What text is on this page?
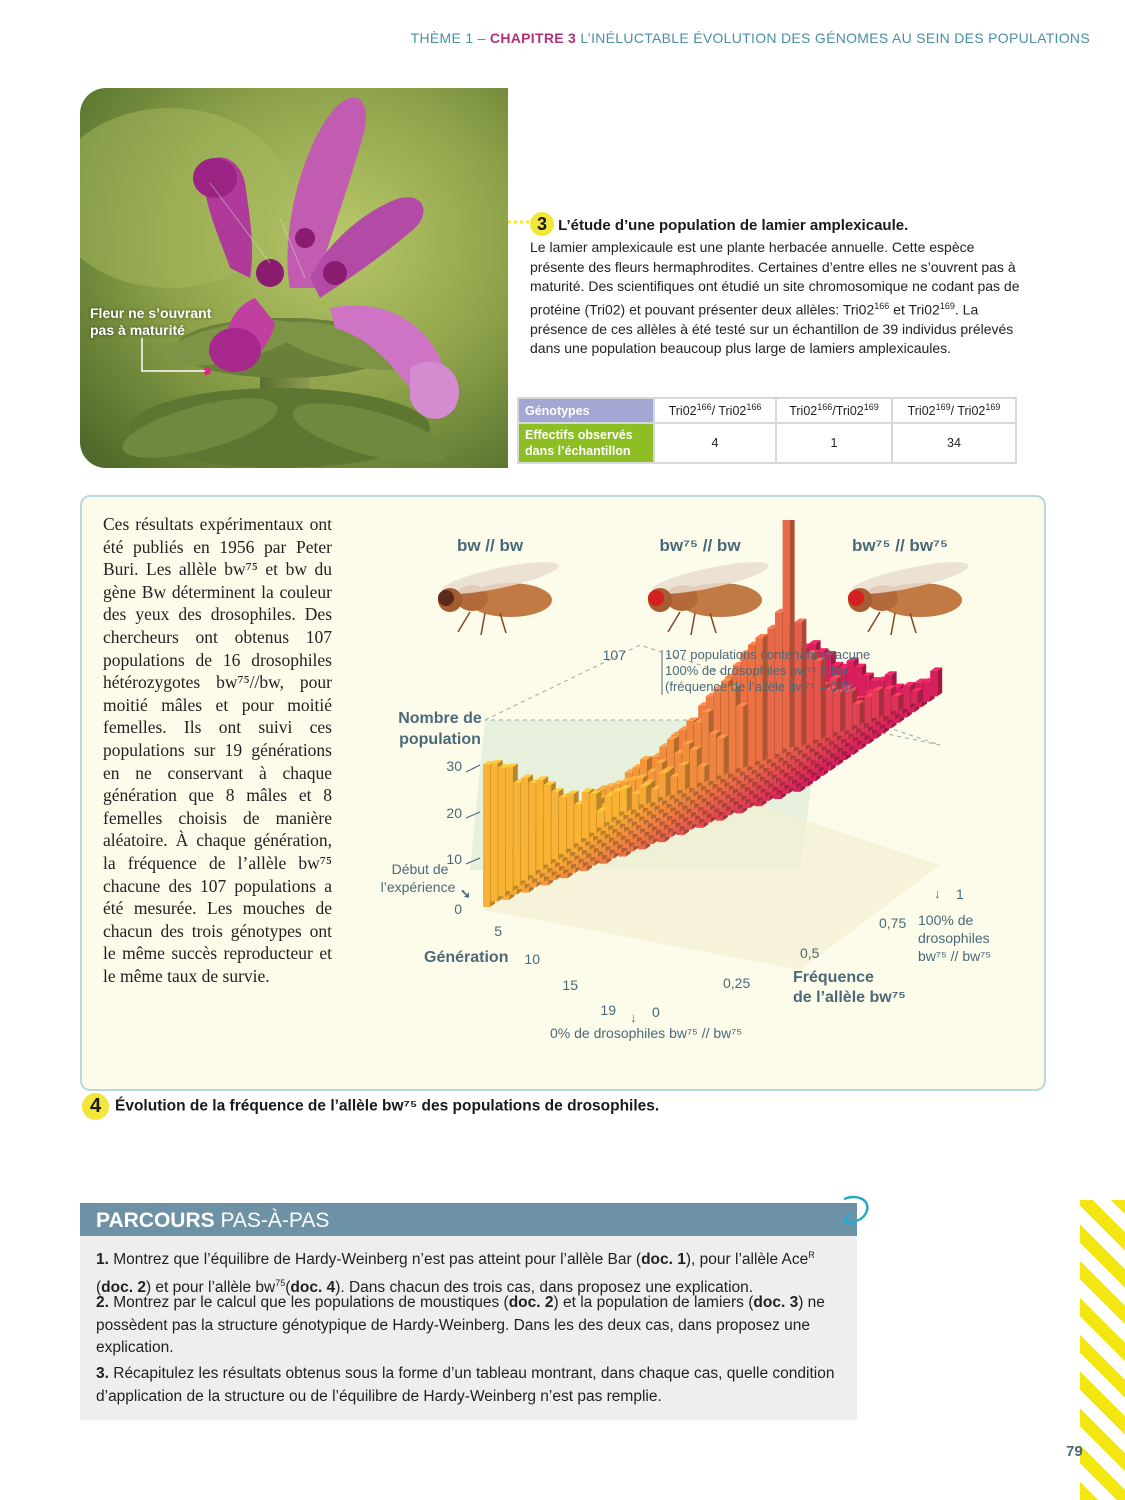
THÈME 1 – CHAPITRE 3 L’INÉLUCTABLE ÉVOLUTION DES GÉNOMES AU SEIN DES POPULATIONS
Fleur ne s’ouvrant
pas à maturité
3 L’étude d’une population de lamier amplexicaule.
Le lamier amplexicaule est une plante herbacée annuelle. Cette espèce présente des fleurs hermaphrodites. Certaines d’entre elles ne s’ouvrent pas à maturité. Des scientifiques ont étudié un site chromosomique ne codant pas de protéine (Tri02) et pouvant présenter deux allèles: $Tri02^{166}$ et $Tri02^{169}$. La présence de ces allèles à été testé sur un échantillon de 39 individus prélevés dans une population beaucoup plus large de lamiers amplexicaules.
Génotypes	$Tri02^{166}/$ $Tri02^{166}$	$Tri02^{166}/Tri02^{169}$	$Tri02^{169}/$ $Tri02^{169}$

Effectifs observés
dans l’échantillon	4	1	34
Ces résultats expérimentaux ont été publiés en 1956 par Peter Buri. Les allèle bw⁷⁵ et bw du gène Bw déterminent la couleur des yeux des drosophiles. Des chercheurs ont obtenus 107 populations de 16 drosophiles hétérozygotes bw⁷⁵//bw, pour moitié mâles et pour moitié femelles. Ils ont suivi ces populations sur 19 générations en ne conservant à chaque génération que 8 mâles et 8 femelles choisis de manière aléatoire. À chaque génération, la fréquence de l’allèle bw⁷⁵ chacune des 107 populations a été mesurée. Les mouches de chacun des trois génotypes ont le même succès reproducteur et le même taux de survie.
bw // bw	bw⁷⁵ // bw	bw⁷⁵ // bw⁷⁵
30
20
10
0
Nombre de
population
Début de
l’expérience ➘
107	107 populations contenant chacune
100% de drosophiles bw⁷⁵ // bw
(fréquence de l’allèle bw⁷⁵ = 0,5)
5
10
15
19 ↓
Génération
0
0,25
0,5
0,75
1
↓
Fréquence
de l’allèle bw⁷⁵
0% de drosophiles bw⁷⁵ // bw⁷⁵
100% de
drosophiles
bw⁷⁵ // bw⁷⁵
4 Évolution de la fréquence de l’allèle bw⁷⁵ des populations de drosophiles.
PARCOURS PAS-À-PAS
1. Montrez que l’équilibre de Hardy-Weinberg n’est pas atteint pour l’allèle Bar (doc. 1), pour l’allèle Ace$^R$ (doc. 2) et pour l’allèle $bw^{75}(doc$. 4). Dans chacun des trois cas, dans proposez une explication.
2. Montrez par le calcul que les populations de moustiques (doc. 2) et la population de lamiers (doc. 3) ne possèdent pas la structure génotypique de Hardy-Weinberg. Dans les des deux cas, dans proposez une explication.
3. Récapitulez les résultats obtenus sous la forme d’un tableau montrant, dans chaque cas, quelle condition d’application de la structure ou de l’équilibre de Hardy-Weinberg n’est pas remplie.
79
